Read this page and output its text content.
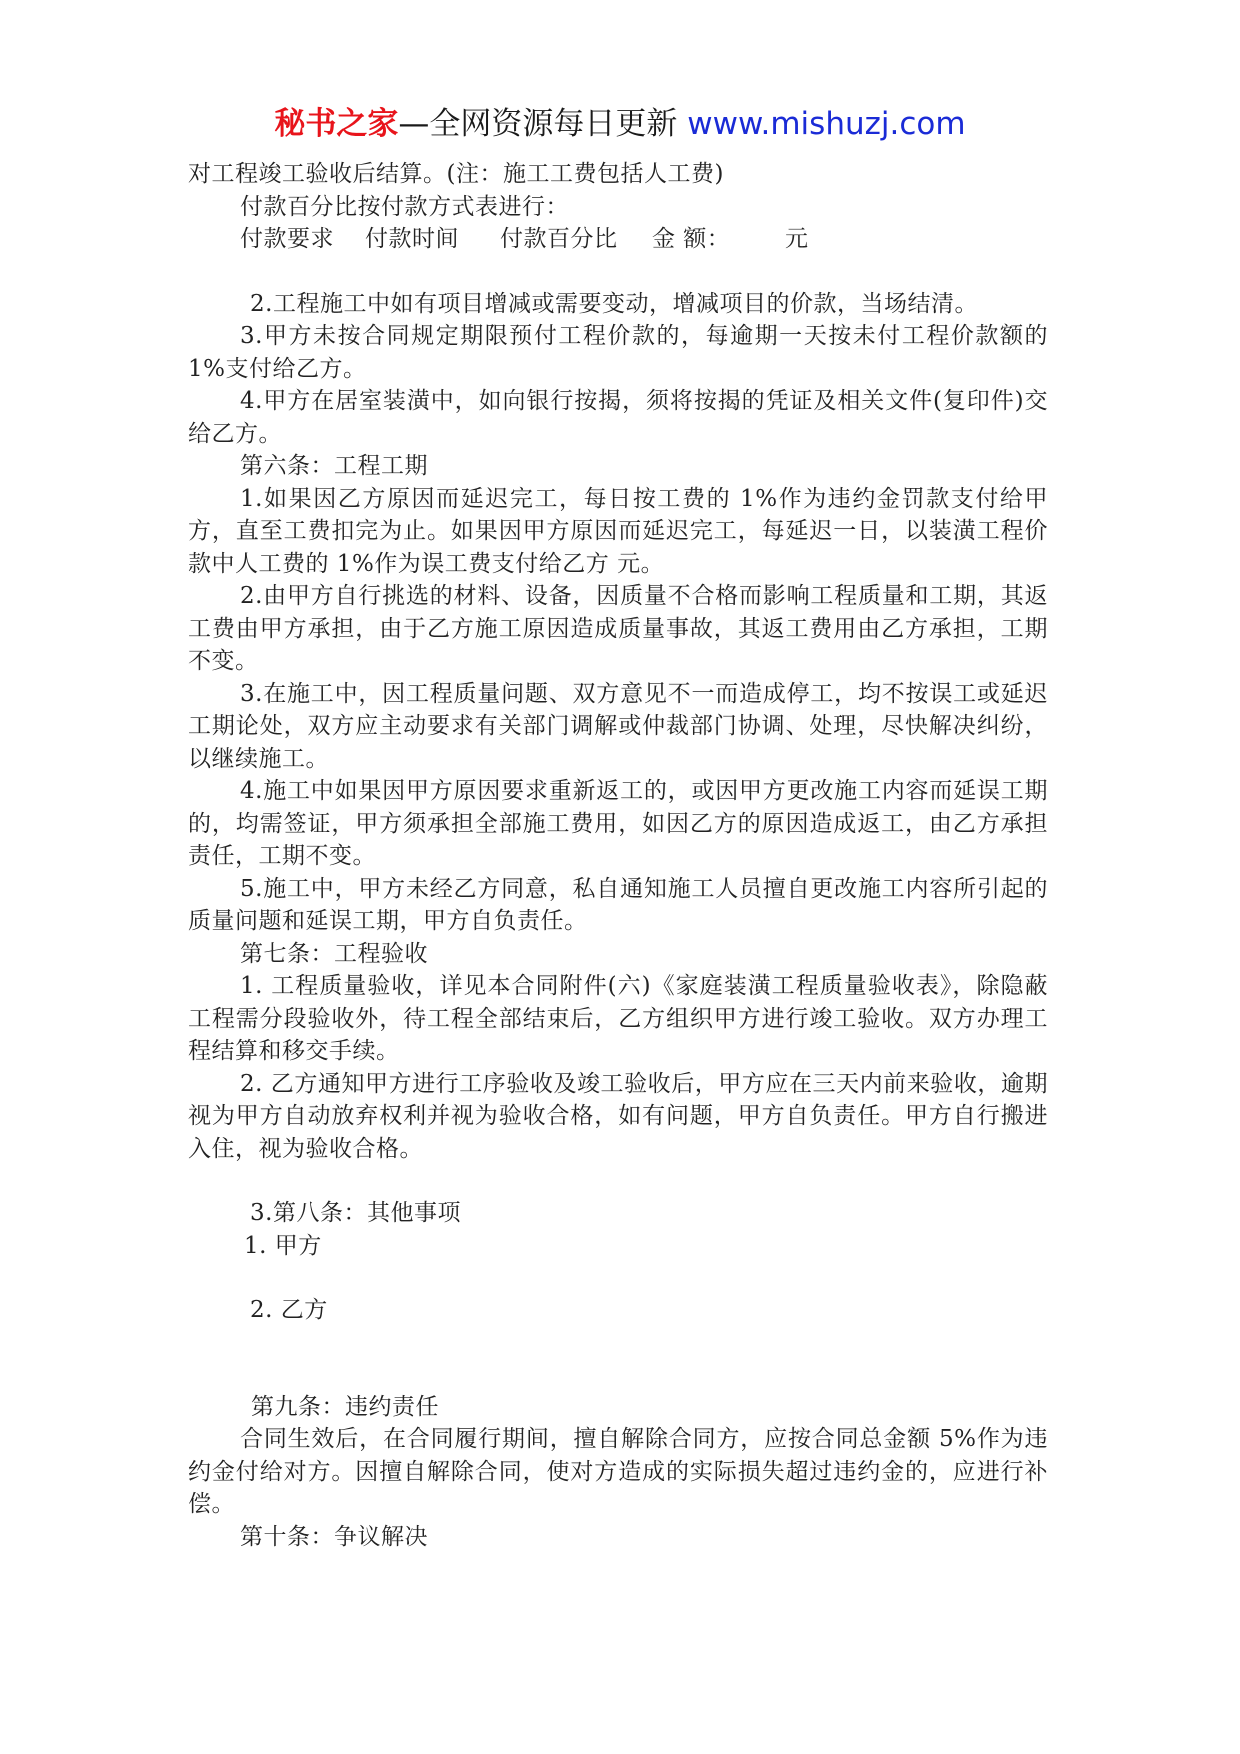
秘书之家—全网资源每日更新 www.mishuzj.com

对工程竣工验收后结算。(注：施工工费包括人工费)

付款百分比按付款方式表进行：

付款要求	付款时间	付款百分比	金 额：	元

2.工程施工中如有项目增减或需要变动，增减项目的价款，当场结清。

3.甲方未按合同规定期限预付工程价款的，每逾期一天按未付工程价款额的 1%支付给乙方。

4.甲方在居室装潢中，如向银行按揭，须将按揭的凭证及相关文件(复印件)交给乙方。

第六条：工程工期

1.如果因乙方原因而延迟完工，每日按工费的 1%作为违约金罚款支付给甲方，直至工费扣完为止。如果因甲方原因而延迟完工，每延迟一日，以装潢工程价款中人工费的 1%作为误工费支付给乙方 元。

2.由甲方自行挑选的材料、设备，因质量不合格而影响工程质量和工期，其返工费由甲方承担，由于乙方施工原因造成质量事故，其返工费用由乙方承担，工期不变。

3.在施工中，因工程质量问题、双方意见不一而造成停工，均不按误工或延迟工期论处，双方应主动要求有关部门调解或仲裁部门协调、处理，尽快解决纠纷，以继续施工。

4.施工中如果因甲方原因要求重新返工的，或因甲方更改施工内容而延误工期的，均需签证，甲方须承担全部施工费用，如因乙方的原因造成返工，由乙方承担责任，工期不变。

5.施工中，甲方未经乙方同意，私自通知施工人员擅自更改施工内容所引起的质量问题和延误工期，甲方自负责任。

第七条：工程验收

1. 工程质量验收，详见本合同附件(六)《家庭装潢工程质量验收表》，除隐蔽工程需分段验收外，待工程全部结束后，乙方组织甲方进行竣工验收。双方办理工程结算和移交手续。

2. 乙方通知甲方进行工序验收及竣工验收后，甲方应在三天内前来验收，逾期视为甲方自动放弃权利并视为验收合格，如有问题，甲方自负责任。甲方自行搬进入住，视为验收合格。

3.第八条：其他事项

1. 甲方

2. 乙方

第九条：违约责任

合同生效后，在合同履行期间，擅自解除合同方，应按合同总金额 5%作为违约金付给对方。因擅自解除合同，使对方造成的实际损失超过违约金的，应进行补偿。

第十条：争议解决
